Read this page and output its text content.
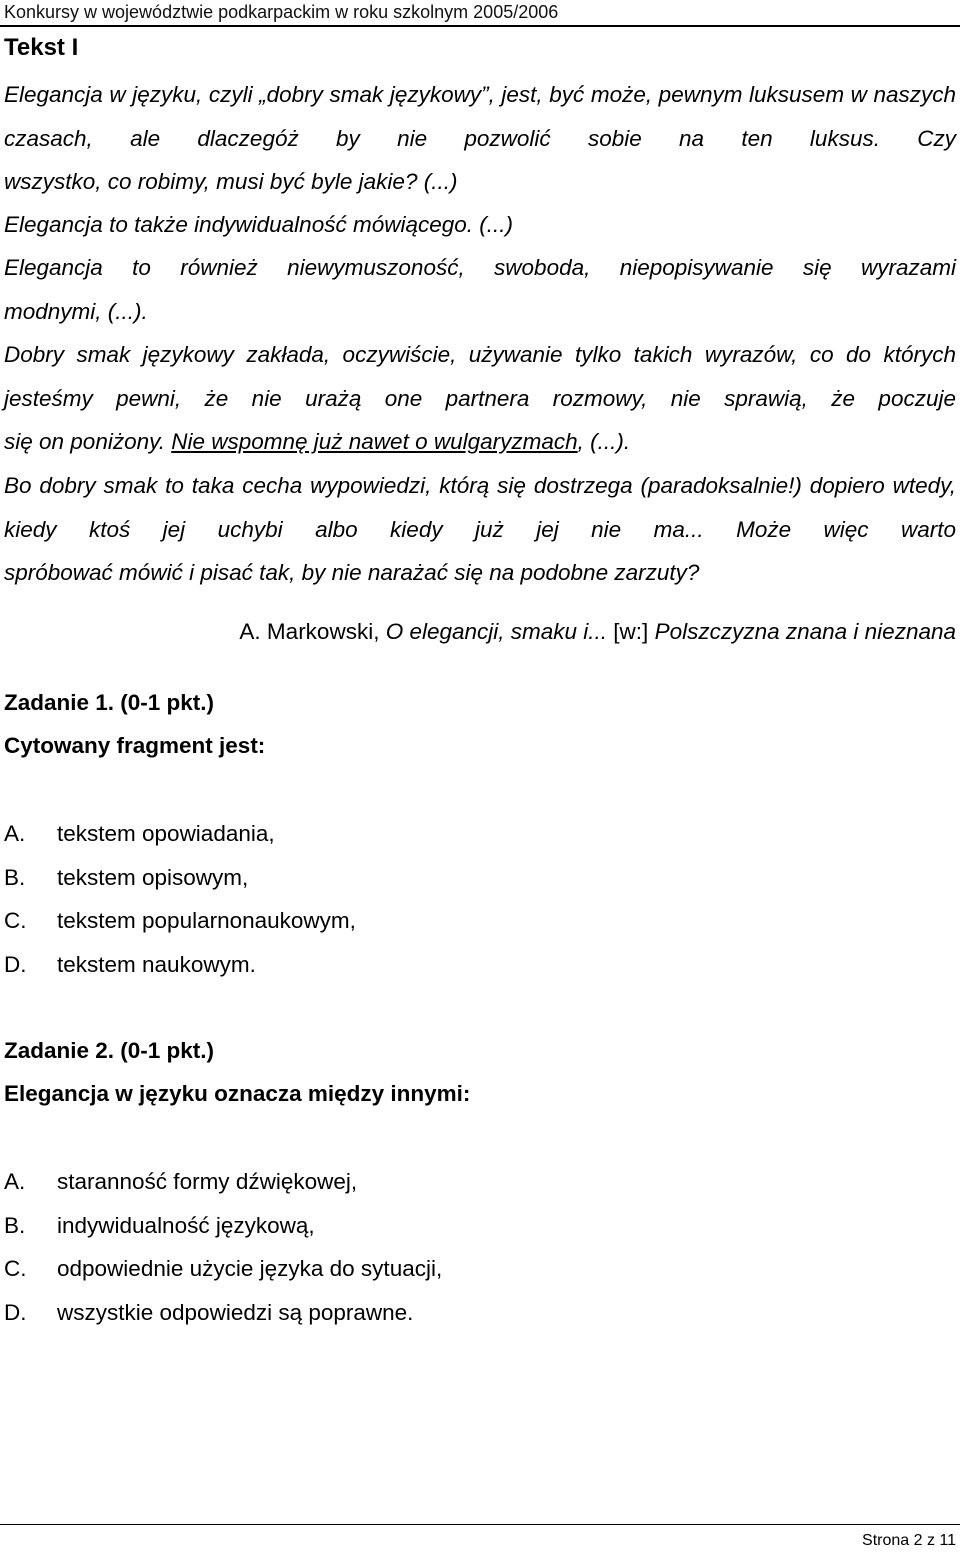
Konkursy w województwie podkarpackim w roku szkolnym 2005/2006
Tekst I

Elegancja w języku, czyli „dobry smak językowy”, jest, być może, pewnym luksusem w naszych czasach, ale dlaczegóż by nie pozwolić sobie na ten luksus. Czy

wszystko, co robimy, musi być byle jakie? (...)

Elegancja to także indywidualność mówiącego. (...)

Elegancja to również niewymuszoność, swoboda, niepopisywanie się wyrazami

modnymi, (...).

Dobry smak językowy zakłada, oczywiście, używanie tylko takich wyrazów, co do których jesteśmy pewni, że nie urażą one partnera rozmowy, nie sprawią, że poczuje

się on poniżony. Nie wspomnę już nawet o wulgaryzmach, (...).

Bo dobry smak to taka cecha wypowiedzi, którą się dostrzega (paradoksalnie!) dopiero wtedy, kiedy ktoś jej uchybi albo kiedy już jej nie ma... Może więc warto

spróbować mówić i pisać tak, by nie narażać się na podobne zarzuty?

A. Markowski, O elegancji, smaku i... [w:] Polszczyzna znana i nieznana
Zadanie 1. (0-1 pkt.)
Cytowany fragment jest:
A. tekstem opowiadania,
B. tekstem opisowym,
C. tekstem popularnonaukowym,
D. tekstem naukowym.
Zadanie 2. (0-1 pkt.)
Elegancja w języku oznacza między innymi:
A. staranność formy dźwiękowej,
B. indywidualność językową,
C. odpowiednie użycie języka do sytuacji,
D. wszystkie odpowiedzi są poprawne.
Strona 2 z 11
